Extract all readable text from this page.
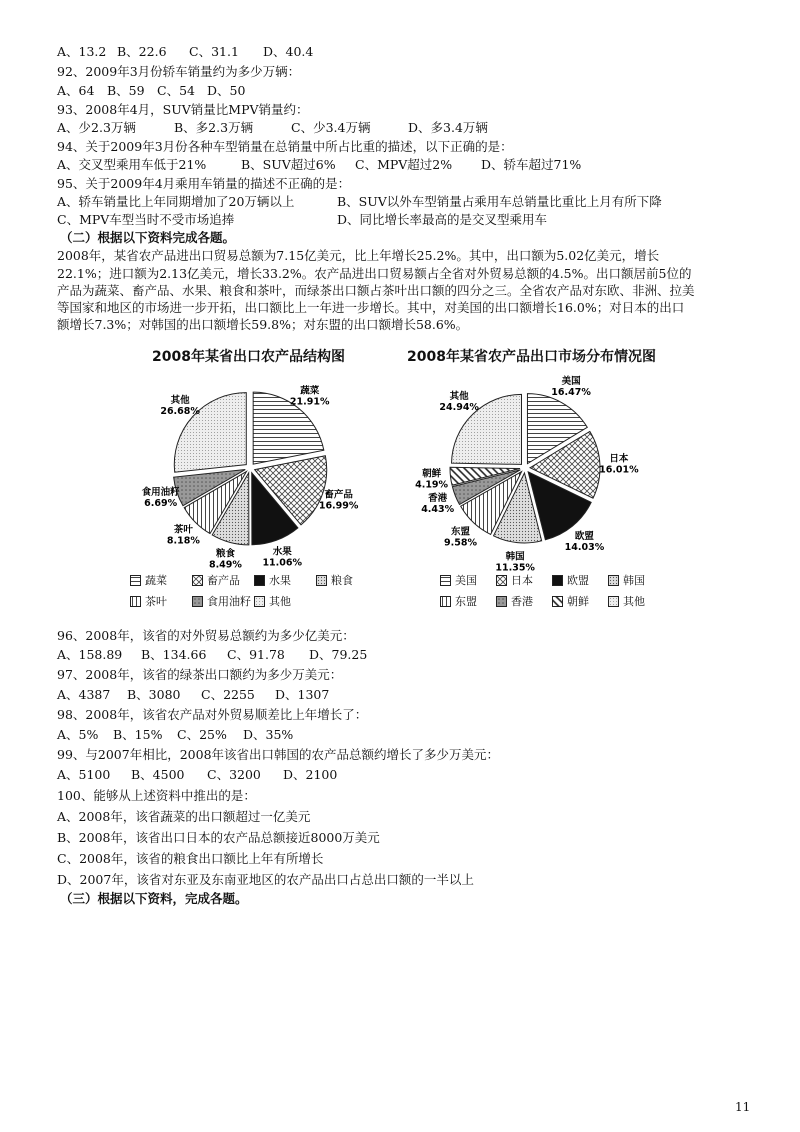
A、13.2 B、22.6 C、31.1 D、40.4
92、2009年3月份轿车销量约为多少万辆：
A、64 B、59 C、54 D、50
93、2008年4月，SUV销量比MPV销量约：
A、少2.3万辆	B、多2.3万辆	C、少3.4万辆	D、多3.4万辆
94、关于2009年3月份各种车型销量在总销量中所占比重的描述，以下正确的是：
A、交叉型乘用车低于21%	B、SUV超过6% C、MPV超过2% D、轿车超过71%
95、关于2009年4月乘用车销量的描述不正确的是：
A、轿车销量比上年同期增加了20万辆以上	B、SUV以外车型销量占乘用车总销量比重比上月有所下降
C、MPV车型当时不受市场追捧	D、同比增长率最高的是交叉型乘用车
（二）根据以下资料完成各题。
2008年，某省农产品进出口贸易总额为7.15亿美元，比上年增长25.2%。其中，出口额为5.02亿美元，增长
22.1%；进口额为2.13亿美元，增长33.2%。农产品进出口贸易额占全省对外贸易总额的4.5%。出口额居前5位的
产品为蔬菜、畜产品、水果、粮食和茶叶，而绿茶出口额占茶叶出口额的四分之三。全省农产品对东欧、非洲、拉美
等国家和地区的市场进一步开拓，出口额比上一年进一步增长。其中，对美国的出口额增长16.0%；对日本的出口
额增长7.3%；对韩国的出口额增长59.8%；对东盟的出口额增长58.6%。
2008年某省出口农产品结构图
蔬菜
21.91%
畜产品
16.99%
水果
11.06%
粮食
8.49%
茶叶
8.18%
食用油籽
6.69%
其他
26.68%
蔬菜	畜产品	水果	粮食
茶叶	食用油籽 其他
2008年某省农产品出口市场分布情况图
美国
16.47%
日本
16.01%
欧盟
14.03%
韩国
11.35%
东盟
9.58%
香港
4.43%
朝鲜
4.19%
其他
24.94%
美国	日本	欧盟	韩国
东盟	香港	朝鲜	其他
96、2008年，该省的对外贸易总额约为多少亿美元：
A、158.89 B、134.66 C、91.78 D、79.25
97、2008年，该省的绿茶出口额约为多少万美元：
A、4387 B、3080 C、2255 D、1307
98、2008年，该省农产品对外贸易顺差比上年增长了：
A、5% B、15% C、25% D、35%
99、与2007年相比，2008年该省出口韩国的农产品总额约增长了多少万美元：
A、5100 B、4500 C、3200 D、2100
100、能够从上述资料中推出的是：
A、2008年，该省蔬菜的出口额超过一亿美元
B、2008年，该省出口日本的农产品总额接近8000万美元
C、2008年，该省的粮食出口额比上年有所增长
D、2007年，该省对东亚及东南亚地区的农产品出口占总出口额的一半以上
（三）根据以下资料，完成各题。
11
